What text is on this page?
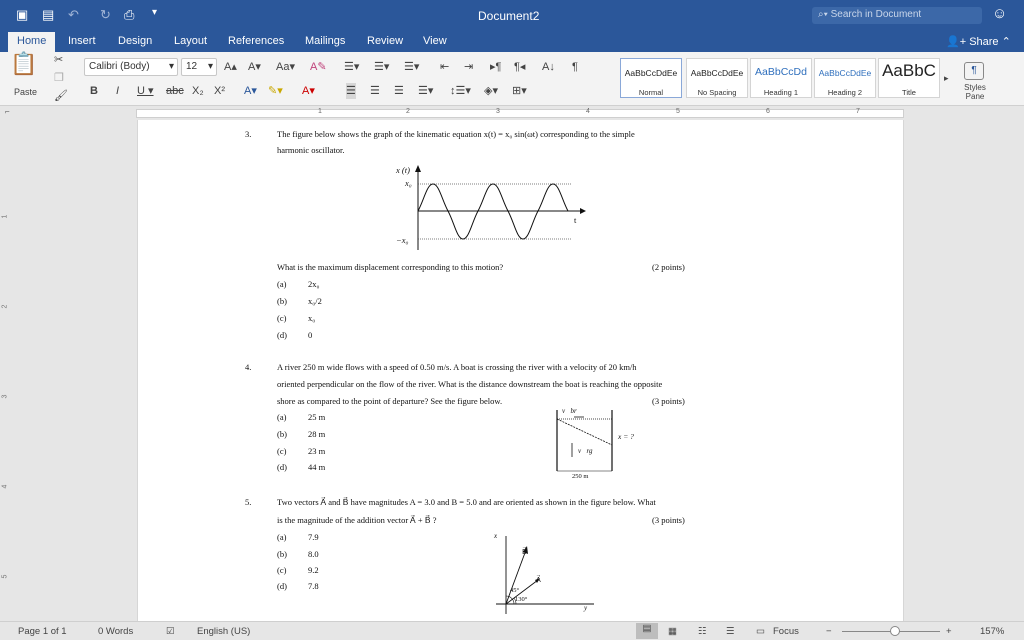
▣ ▤ ↶ ↻ ⎙ ▾	Document2	⌕▾ Search in Document	☺
Home	Insert Design Layout References Mailings Review View	👤+ Share ⌃
📋
Paste
✂
❐
🖌
Calibri (Body) ▾	12 ▾ A▴ A▾ Aa▾ A✎
B I U ▾ abc X₂ X² A▾ ✎▾ A▾
☰▾ ☰▾ ☰▾ ⇤ ⇥ ▸¶ ¶◂ A↓ ¶
☰ ☰ ☰ ☰▾ ↕☰▾ ◈▾ ⊞▾
AaBbCcDdEe
Normal
AaBbCcDdEe
No Spacing
AaBbCcDd
Heading 1
AaBbCcDdEe
Heading 2
AaBbC
Title
▸
¶
Styles Pane
⌐	1	2	3	4	5	6	7
1
2
3
4
5
3.	The figure below shows the graph of the kinematic equation x(t) = x₀ sin(ωt) corresponding to the simple
harmonic oscillator.
x (t)
x₀
−x₀
t
What is the maximum displacement corresponding to this motion?	(2 points)
(a)	2x₀
(b) x₀/2
(c)	x₀
(d) 0
4.	A river 250 m wide flows with a speed of 0.50 m/s. A boat is crossing the river with a velocity of 20 km/h
oriented perpendicular on the flow of the river. What is the distance downstream the boat is reaching the opposite
shore as compared to the point of departure? See the figure below.	(3 points)
v⃗br
v⃗rg
x = ?
250 m
(a)	25 m
(b) 28 m
(c)	23 m
(d) 44 m
5.	Two vectors A⃗ and B⃗ have magnitudes A = 3.0 and B = 5.0 and are oriented as shown in the figure below. What
is the magnitude of the addition vector A⃗ + B⃗ ?	(3 points)
(a)	7.9
(b) 8.0
(c)	9.2
(d) 7.8
x
B⃗
A⃗
45°
130°
y
Page 1 of 1	0 Words	☑ English (US)	▤	▦ ☷ ☰ ▭ Focus	−	+	157%
